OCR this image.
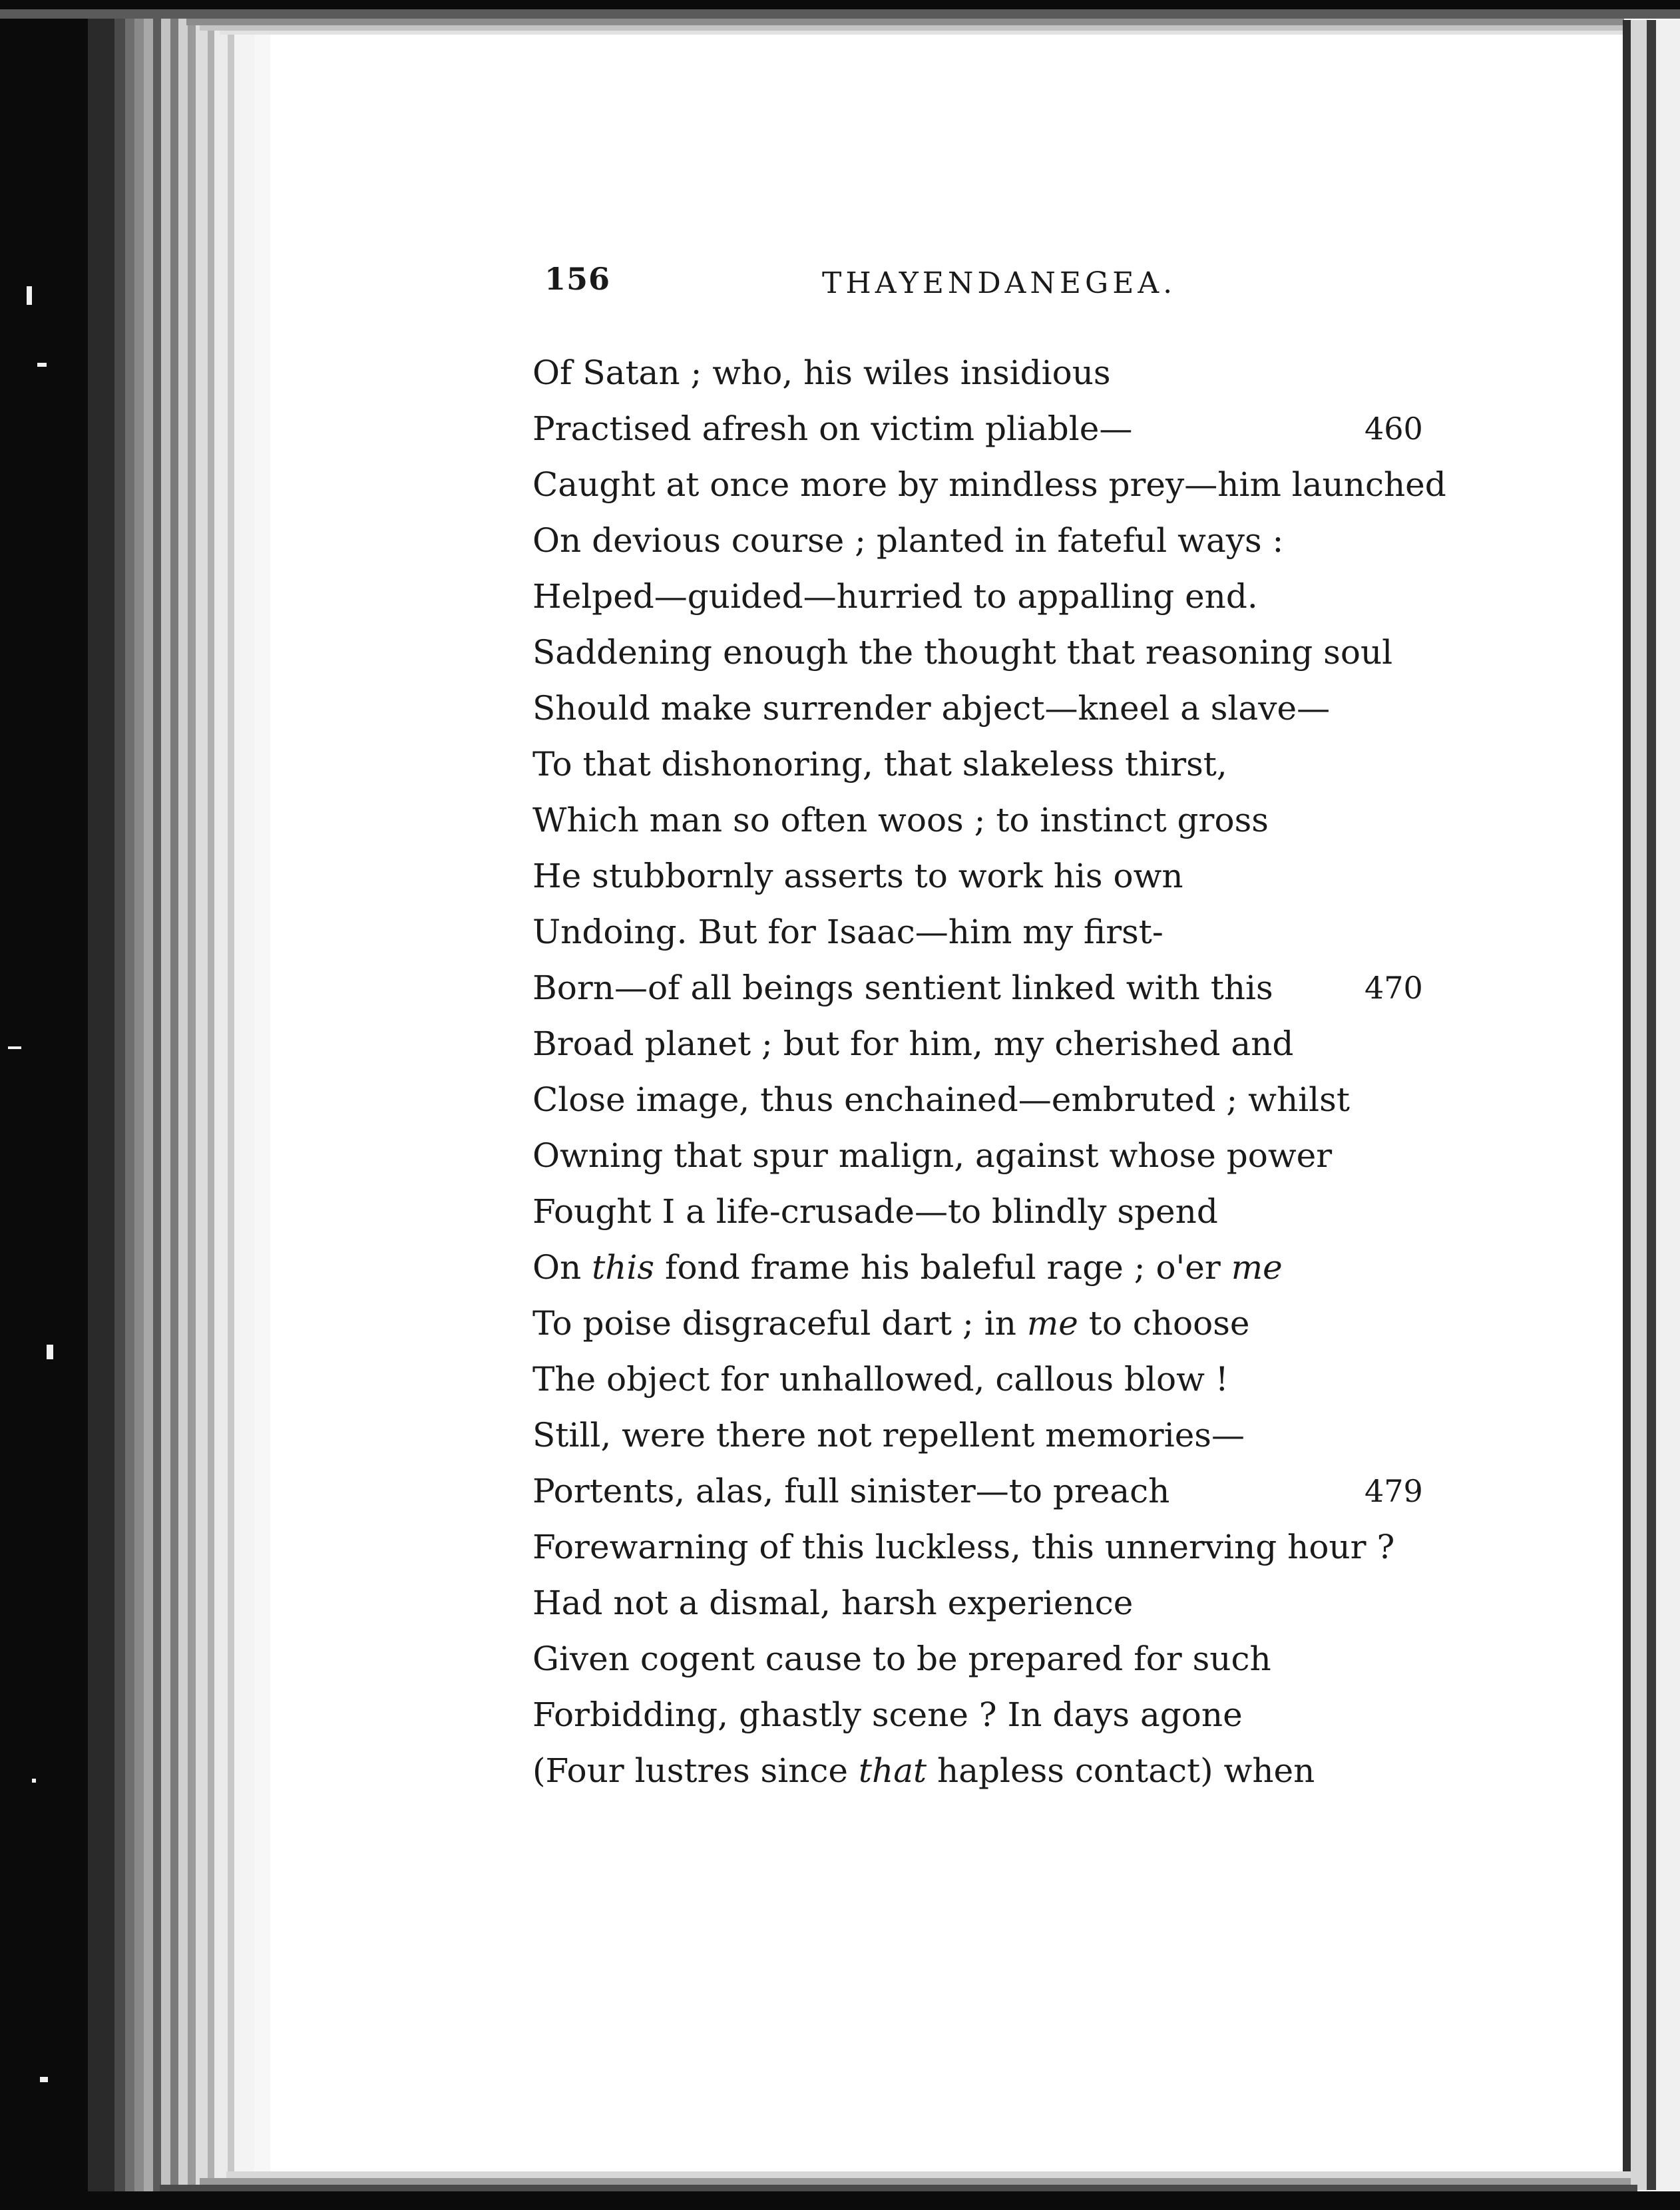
156	THAYENDANEGEA.
Of Satan ; who, his wiles insidious
Practised afresh on victim pliable—	460
Caught at once more by mindless prey—him launched
On devious course ; planted in fateful ways :
Helped—guided—hurried to appalling end.
Saddening enough the thought that reasoning soul
Should make surrender abject—kneel a slave—
To that dishonoring, that slakeless thirst,
Which man so often woos ; to instinct gross
He stubbornly asserts to work his own
Undoing. But for Isaac—him my first-
Born—of all beings sentient linked with this	470
Broad planet ; but for him, my cherished and
Close image, thus enchained—embruted ; whilst
Owning that spur malign, against whose power
Fought I a life-crusade—to blindly spend
On this fond frame his baleful rage ; o'er me
To poise disgraceful dart ; in me to choose
The object for unhallowed, callous blow !
Still, were there not repellent memories—
Portents, alas, full sinister—to preach	479
Forewarning of this luckless, this unnerving hour ?
Had not a dismal, harsh experience
Given cogent cause to be prepared for such
Forbidding, ghastly scene ? In days agone
(Four lustres since that hapless contact) when
